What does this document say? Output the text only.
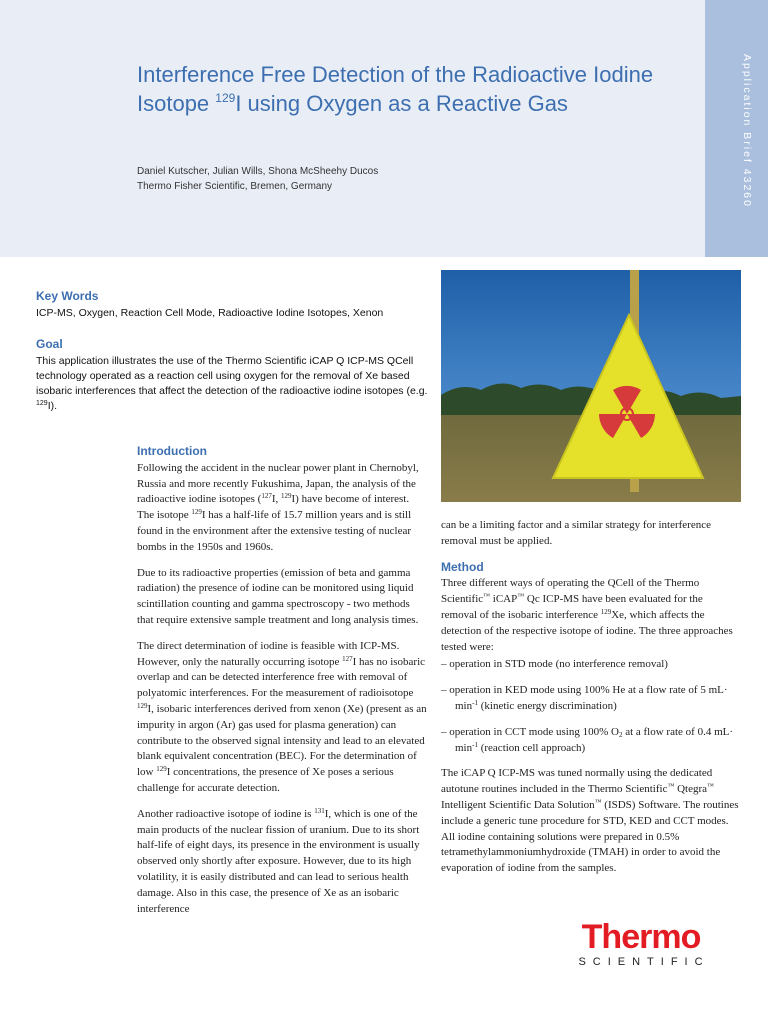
Application Brief 43260
Interference Free Detection of the Radioactive Iodine Isotope $^{129}$I using Oxygen as a Reactive Gas
Daniel Kutscher, Julian Wills, Shona McSheehy Ducos
Thermo Fisher Scientific, Bremen, Germany
Key Words

ICP-MS, Oxygen, Reaction Cell Mode, Radioactive Iodine Isotopes, Xenon

Goal

This application illustrates the use of the Thermo Scientific iCAP Q ICP-MS QCell technology operated as a reaction cell using oxygen for the removal of Xe based isobaric interferences that affect the detection of the radioactive iodine isotopes (e.g. $^{129}$I).

Introduction

Following the accident in the nuclear power plant in Chernobyl, Russia and more recently Fukushima, Japan, the analysis of the radioactive iodine isotopes ($^{127}$I, $^{129}$I) have become of interest. The isotope $^{129}$I has a half-life of 15.7 million years and is still found in the environment after the extensive testing of nuclear bombs in the 1950s and 1960s.

Due to its radioactive properties (emission of beta and gamma radiation) the presence of iodine can be monitored using liquid scintillation counting and gamma spectroscopy - two methods that require extensive sample treatment and long analysis times.

The direct determination of iodine is feasible with ICP-MS. However, only the naturally occurring isotope $^{127}$I has no isobaric overlap and can be detected interference free with removal of polyatomic interferences. For the measurement of radioisotope $^{129}$I, isobaric interferences derived from xenon (Xe) (present as an impurity in argon (Ar) gas used for plasma generation) can contribute to the observed signal intensity and lead to an elevated blank equivalent concentration (BEC). For the determination of low $^{129}$I concentrations, the presence of Xe poses a serious challenge for accurate detection.

Another radioactive isotope of iodine is $^{131}$I, which is one of the main products of the nuclear fission of uranium. Due to its short half-life of eight days, its presence in the environment is usually observed only shortly after exposure. However, due to its high volatility, it is easily distributed and can lead to serious health damage. Also in this case, the presence of Xe as an isobaric interference

can be a limiting factor and a similar strategy for interference removal must be applied.

Method

Three different ways of operating the QCell of the Thermo Scientific™ iCAP™ Qc ICP-MS have been evaluated for the removal of the isobaric interference $^{129}$Xe, which affects the detection of the respective isotope of iodine. The three approaches tested were:

– operation in STD mode (no interference removal)

– operation in KED mode using 100% He at a flow rate of 5 $mL\cdot \min^{-1}$ (kinetic energy discrimination)

– operation in CCT mode using 100% $O_2$ at a flow rate of 0.4 $mL\cdot \min^{-1}$ (reaction cell approach)

The iCAP Q ICP-MS was tuned normally using the dedicated autotune routines included in the Thermo Scientific™ Qtegra™ Intelligent Scientific Data Solution™ (ISDS) Software. The routines include a generic tune procedure for STD, KED and CCT modes. All iodine containing solutions were prepared in 0.5% tetramethylammoniumhydroxide (TMAH) in order to avoid the evaporation of iodine from the samples.

Thermo
SCIENTIFIC
